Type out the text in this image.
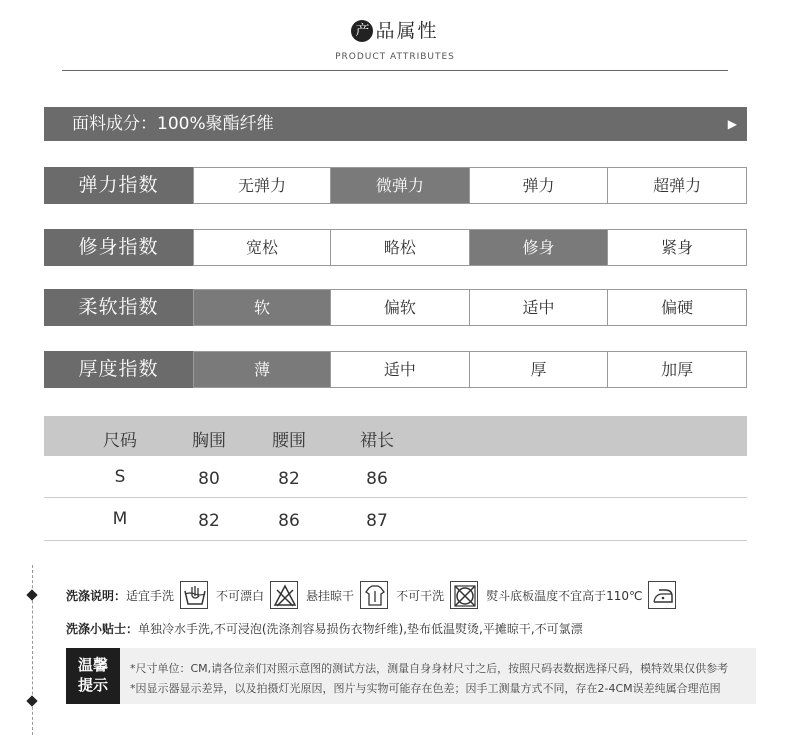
产 品属性
PRODUCT ATTRIBUTES
面料成分：100%聚酯纤维	▶
弹力指数	无弹力	微弹力	弹力	超弹力
修身指数	宽松	略松	修身	紧身
柔软指数	软	偏软	适中	偏硬
厚度指数	薄	适中	厚	加厚
尺码	胸围	腰围	裙长
S	80	82	86
M	82	86	87
洗涤说明： 适宜手洗	不可漂白	悬挂晾干	不可干洗	熨斗底板温度不宜高于110℃
洗涤小贴士：单独冷水手洗,不可浸泡(洗涤剂容易损伤衣物纤维),垫布低温熨烫,平摊晾干,不可氯漂
温馨
提示
*尺寸单位：CM,请各位亲们对照示意图的测试方法，测量自身身材尺寸之后，按照尺码表数据选择尺码，模特效果仅供参考
*因显示器显示差异，以及拍摄灯光原因，图片与实物可能存在色差；因手工测量方式不同，存在2-4CM误差纯属合理范围
